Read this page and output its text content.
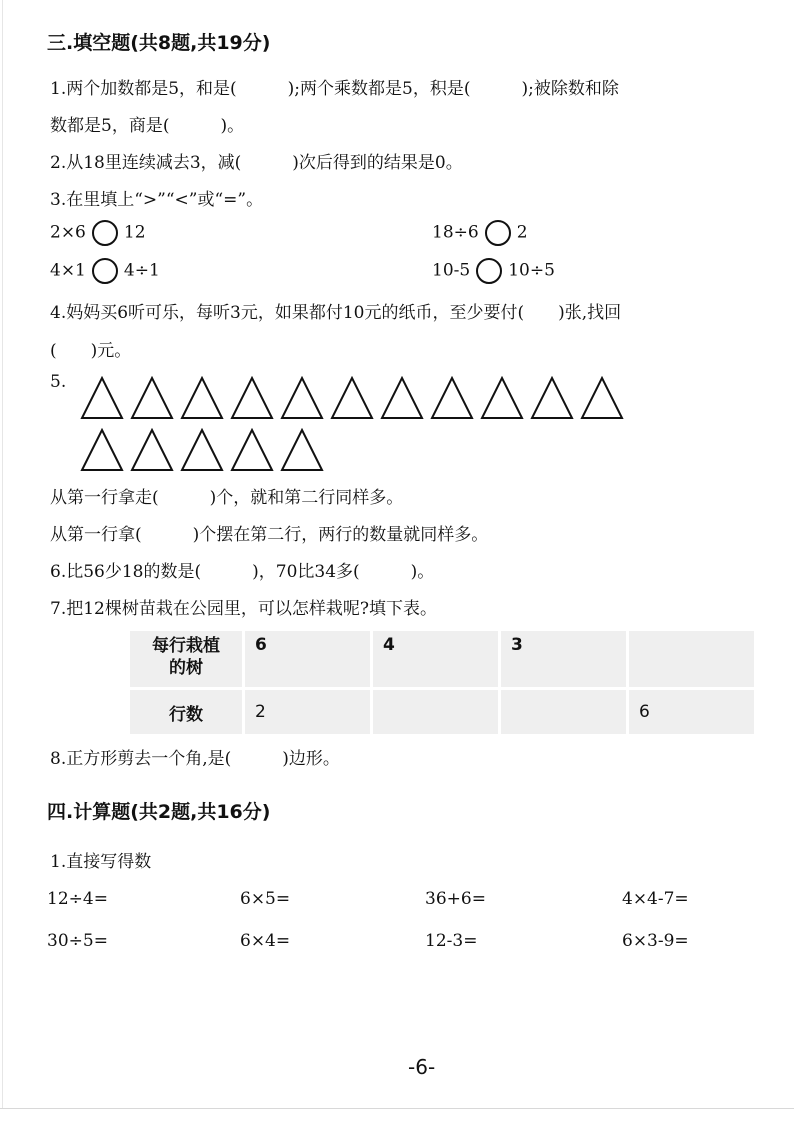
三.填空题(共8题,共19分)
1.两个加数都是5，和是(　　　);两个乘数都是5，积是(　　　);被除数和除
数都是5，商是(　　　)。
2.从18里连续减去3，减(　　　)次后得到的结果是0。
3.在里填上“>”“<”或“=”。
2×6 12	18÷6 2
4×1 4÷1	10-5 10÷5
4.妈妈买6听可乐，每听3元，如果都付10元的纸币，至少要付(　　)张,找回
(　　)元。
5.
从第一行拿走(　　　)个，就和第二行同样多。
从第一行拿(　　　)个摆在第二行，两行的数量就同样多。
6.比56少18的数是(　　　)，70比34多(　　　)。
7.把12棵树苗栽在公园里，可以怎样栽呢?填下表。
每行栽植的树	6	4	3	
行数	2			6
8.正方形剪去一个角,是(　　　)边形。
四.计算题(共2题,共16分)
1.直接写得数
12÷4=	6×5=	36+6=	4×4-7=
30÷5=	6×4=	12-3=	6×3-9=
-6-
